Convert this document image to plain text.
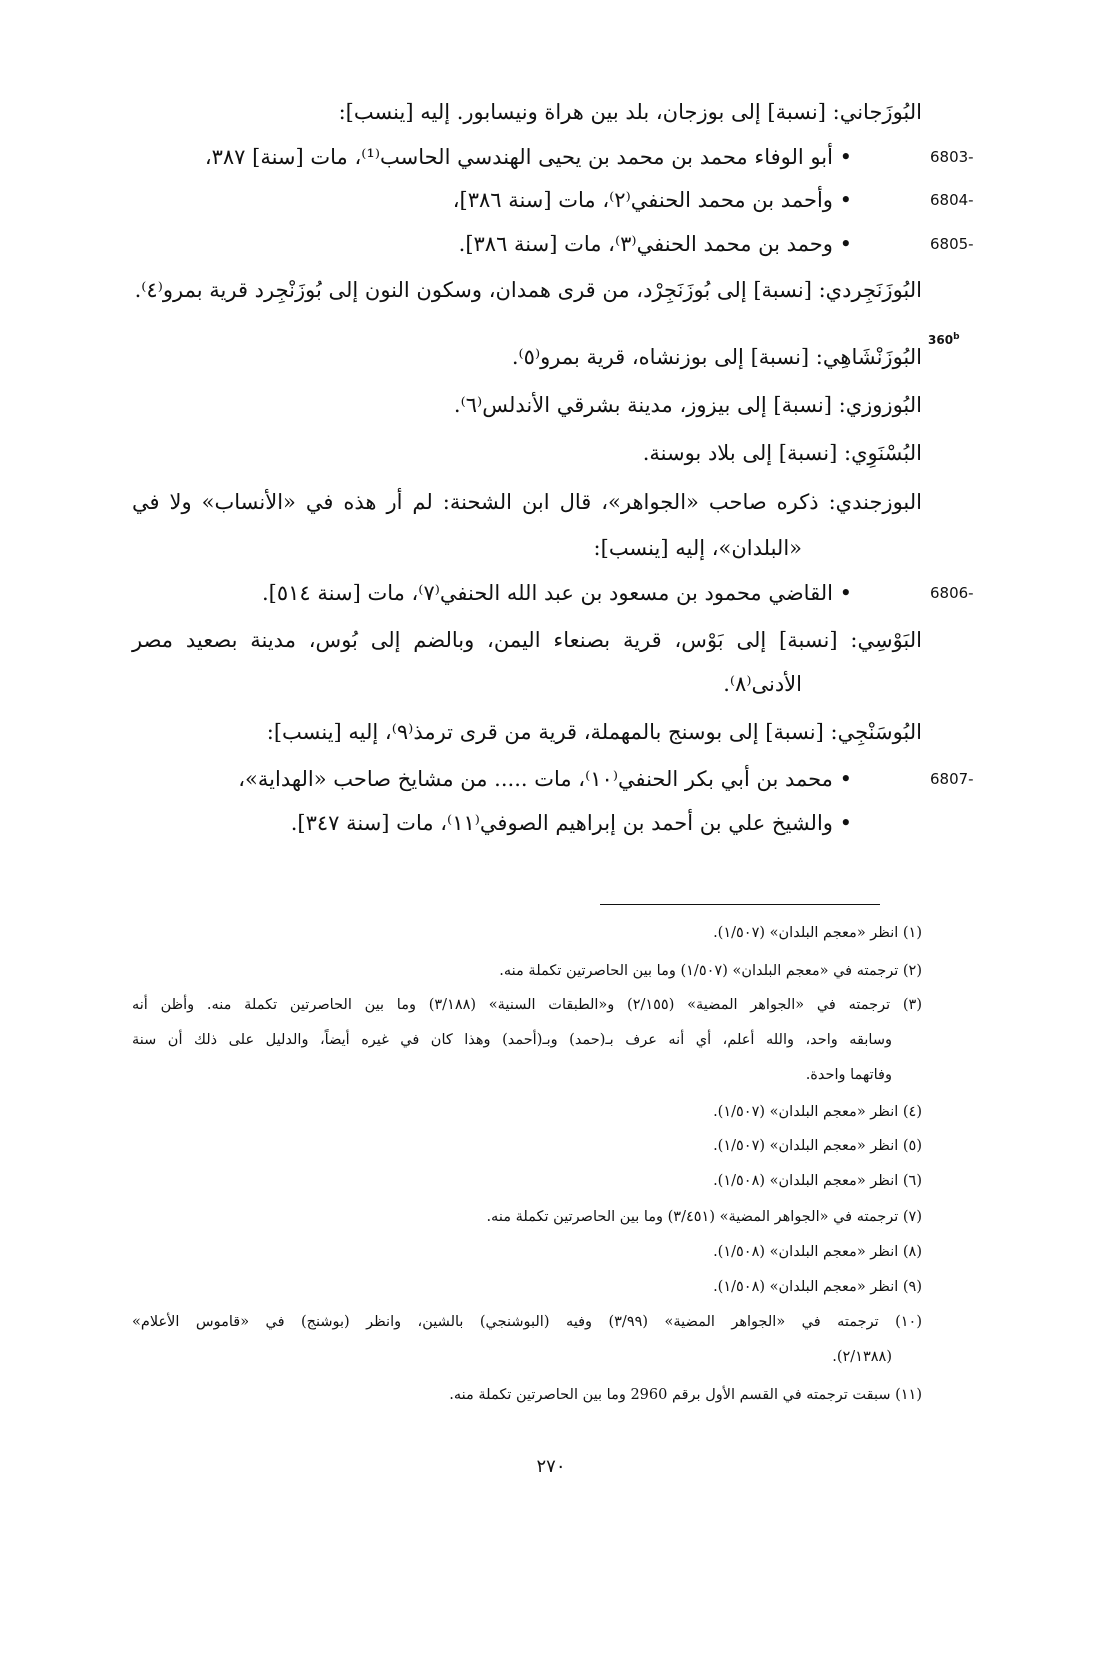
البُوزَجاني: [نسبة] إلى بوزجان، بلد بين هراة ونيسابور. إليه [ينسب]:
• أبو الوفاء محمد بن محمد بن يحيى الهندسي الحاسب⁽¹⁾، مات [سنة] ٣٨٧،	6803-
• وأحمد بن محمد الحنفي⁽٢⁾، مات [سنة ٣٨٦]،	6804-
• وحمد بن محمد الحنفي⁽٣⁾، مات [سنة ٣٨٦].	6805-
البُوزَنَجِردي: [نسبة] إلى بُوزَنَجِرْد، من قرى همدان، وسكون النون إلى بُوزَنْجِرد قرية بمرو⁽٤⁾.
360$^b$
البُوزَنْشَاهِي: [نسبة] إلى بوزنشاه، قرية بمرو⁽٥⁾.
البُوزوزي: [نسبة] إلى بيزوز، مدينة بشرقي الأندلس⁽٦⁾.
البُسْنَوِي: [نسبة] إلى بلاد بوسنة.
البوزجندي: ذكره صاحب «الجواهر»، قال ابن الشحنة: لم أر هذه في «الأنساب» ولا في
«البلدان»، إليه [ينسب]:
• القاضي محمود بن مسعود بن عبد الله الحنفي⁽٧⁾، مات [سنة ٥١٤].	6806-
البَوْسِي: [نسبة] إلى بَوْس، قرية بصنعاء اليمن، وبالضم إلى بُوس، مدينة بصعيد مصر
الأدنى⁽٨⁾.
البُوسَنْجِي: [نسبة] إلى بوسنج بالمهملة، قرية من قرى ترمذ⁽٩⁾، إليه [ينسب]:
• محمد بن أبي بكر الحنفي⁽١٠⁾، مات ..... من مشايخ صاحب «الهداية»،	6807-
• والشيخ علي بن أحمد بن إبراهيم الصوفي⁽١١⁾، مات [سنة ٣٤٧].
(١) انظر «معجم البلدان» (١/٥٠٧).
(٢) ترجمته في «معجم البلدان» (١/٥٠٧) وما بين الحاصرتين تكملة منه.
(٣) ترجمته في «الجواهر المضية» (٢/١٥٥) و«الطبقات السنية» (٣/١٨٨) وما بين الحاصرتين تكملة منه. وأظن أنه
وسابقه واحد، والله أعلم، أي أنه عرف بـ(حمد) وبـ(أحمد) وهذا كان في غيره أيضاً، والدليل على ذلك أن سنة
وفاتهما واحدة.
(٤) انظر «معجم البلدان» (١/٥٠٧).
(٥) انظر «معجم البلدان» (١/٥٠٧).
(٦) انظر «معجم البلدان» (١/٥٠٨).
(٧) ترجمته في «الجواهر المضية» (٣/٤٥١) وما بين الحاصرتين تكملة منه.
(٨) انظر «معجم البلدان» (١/٥٠٨).
(٩) انظر «معجم البلدان» (١/٥٠٨).
(١٠) ترجمته في «الجواهر المضية» (٣/٩٩) وفيه (البوشنجي) بالشين، وانظر (بوشنج) في «قاموس الأعلام»
(٢/١٣٨٨).
(١١) سبقت ترجمته في القسم الأول برقم 2960 وما بين الحاصرتين تكملة منه.
٢٧٠
